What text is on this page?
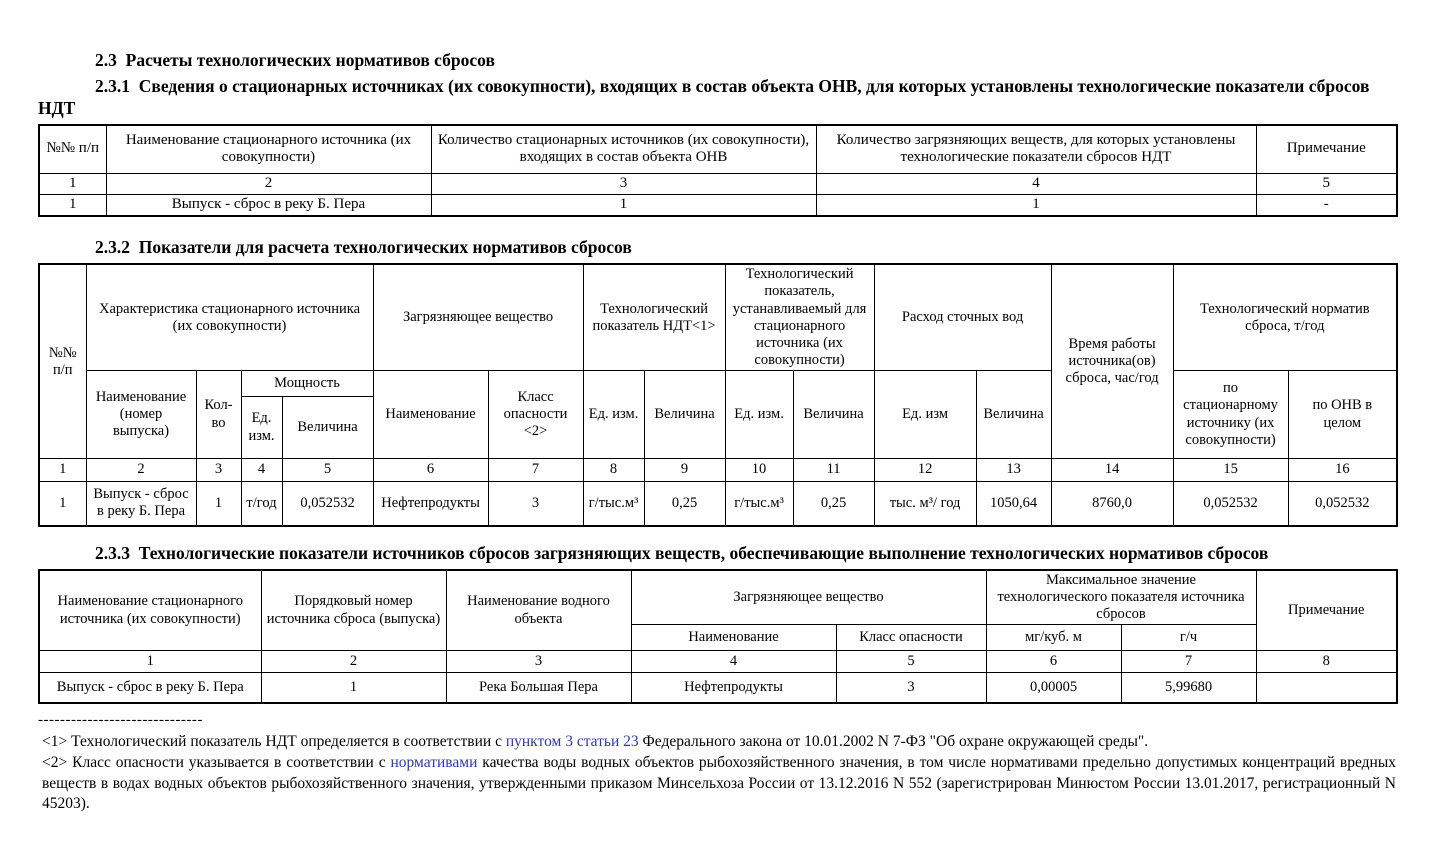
2.3  Расчеты технологических нормативов сбросов
2.3.1  Сведения о стационарных источниках (их совокупности), входящих в состав объекта ОНВ, для которых установлены технологические показатели сбросов НДТ
№№ п/п	Наименование стационарного источника (их совокупности)	Количество стационарных источников (их совокупности), входящих в состав объекта ОНВ	Количество загрязняющих веществ, для которых установлены технологические показатели сбросов НДТ	Примечание
1	2	3	4	5
1	Выпуск - сброс в реку Б. Пера	1	1	-
2.3.2  Показатели для расчета технологических нормативов сбросов
№№ п/п	Характеристика стационарного источника (их совокупности)				Загрязняющее вещество		Технологический показатель НДТ<1>		Технологический показатель, устанавливаемый для стационарного источника (их совокупности)		Расход сточных вод		Время работы источника(ов) сброса, час/год	Технологический норматив сброса, т/год	
	Наименование (номер выпуска)	Кол-во	Мощность		Наименование	Класс опасности <2>	Ед. изм.	Величина	Ед. изм.	Величина	Ед. изм	Величина		по стационарному источнику (их совокупности)	по ОНВ в целом
			Ед. изм.	Величина											
1	2	3	4	5	6	7	8	9	10	11	12	13	14	15	16
1	Выпуск - сброс в реку Б. Пера	1	т/год	0,052532	Нефтепродукты	3	г/тыс.м³	0,25	г/тыс.м³	0,25	тыс. м³/ год	1050,64	8760,0	0,052532	0,052532
2.3.3  Технологические показатели источников сбросов загрязняющих веществ, обеспечивающие выполнение технологических нормативов сбросов
Наименование стационарного источника (их совокупности)	Порядковый номер источника сброса (выпуска)	Наименование водного объекта	Загрязняющее вещество		Максимальное значение технологического показателя источника сбросов		Примечание
			Наименование	Класс опасности	мг/куб. м	г/ч	
1	2	3	4	5	6	7	8
Выпуск - сброс в реку Б. Пера	1	Река Большая Пера	Нефтепродукты	3	0,00005	5,99680	
------------------------------
<1> Технологический показатель НДТ определяется в соответствии с пунктом 3 статьи 23 Федерального закона от 10.01.2002 N 7-ФЗ "Об охране окружающей среды".
<2> Класс опасности указывается в соответствии с нормативами качества воды водных объектов рыбохозяйственного значения, в том числе нормативами предельно допустимых концентраций вредных веществ в водах водных объектов рыбохозяйственного значения, утвержденными приказом Минсельхоза России от 13.12.2016 N 552 (зарегистрирован Минюстом России 13.01.2017, регистрационный N 45203).
